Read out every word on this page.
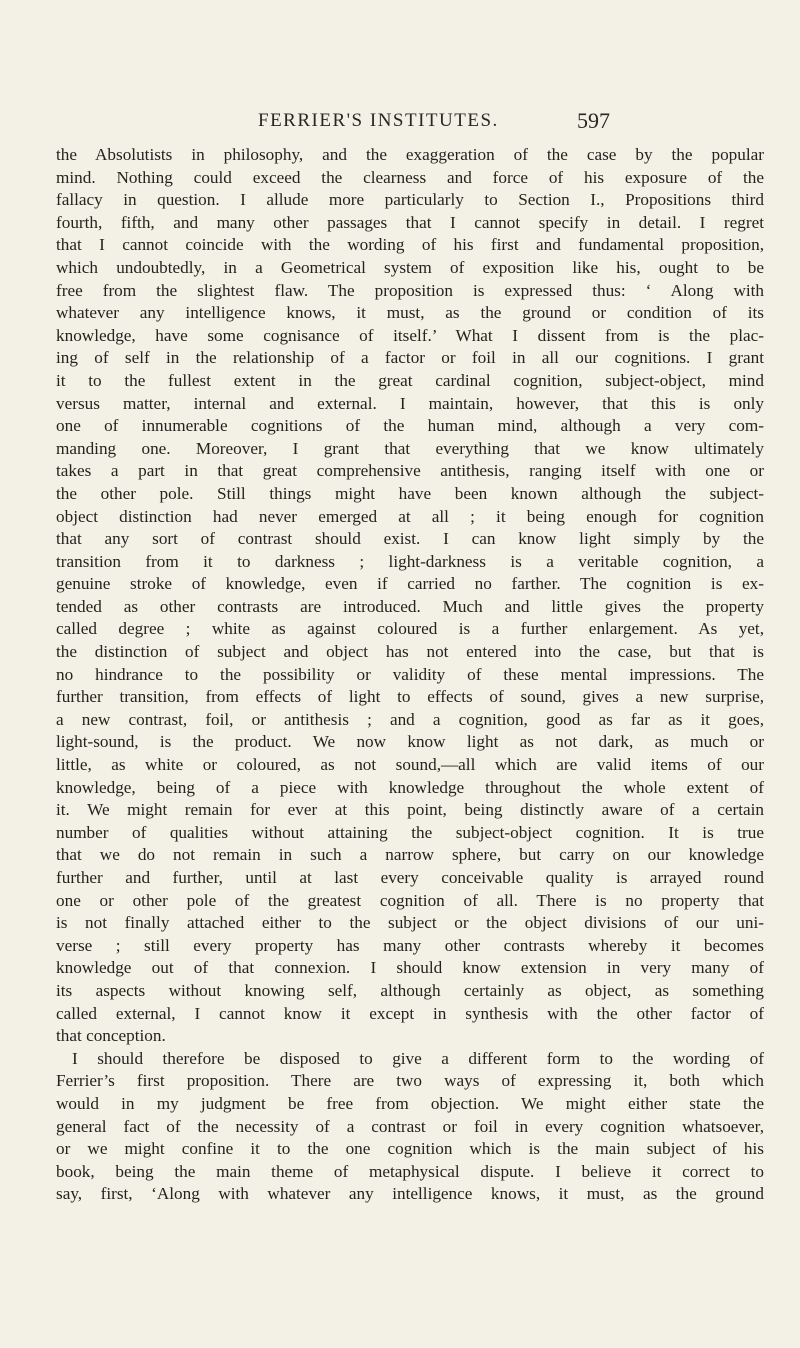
FERRIER'S INSTITUTES.	597
the Absolutists in philosophy, and the exaggeration of the case by the popular
mind. Nothing could exceed the clearness and force of his exposure of the
fallacy in question. I allude more particularly to Section I., Propositions third
fourth, fifth, and many other passages that I cannot specify in detail. I regret
that I cannot coincide with the wording of his first and fundamental proposition,
which undoubtedly, in a Geometrical system of exposition like his, ought to be
free from the slightest flaw. The proposition is expressed thus: ‘ Along with
whatever any intelligence knows, it must, as the ground or condition of its
knowledge, have some cognisance of itself.’ What I dissent from is the plac-
ing of self in the relationship of a factor or foil in all our cognitions. I grant
it to the fullest extent in the great cardinal cognition, subject-object, mind
versus matter, internal and external. I maintain, however, that this is only
one of innumerable cognitions of the human mind, although a very com-
manding one. Moreover, I grant that everything that we know ultimately
takes a part in that great comprehensive antithesis, ranging itself with one or
the other pole. Still things might have been known although the subject-
object distinction had never emerged at all ; it being enough for cognition
that any sort of contrast should exist. I can know light simply by the
transition from it to darkness ; light-darkness is a veritable cognition, a
genuine stroke of knowledge, even if carried no farther. The cognition is ex-
tended as other contrasts are introduced. Much and little gives the property
called degree ; white as against coloured is a further enlargement. As yet,
the distinction of subject and object has not entered into the case, but that is
no hindrance to the possibility or validity of these mental impressions. The
further transition, from effects of light to effects of sound, gives a new surprise,
a new contrast, foil, or antithesis ; and a cognition, good as far as it goes,
light-sound, is the product. We now know light as not dark, as much or
little, as white or coloured, as not sound,—all which are valid items of our
knowledge, being of a piece with knowledge throughout the whole extent of
it. We might remain for ever at this point, being distinctly aware of a certain
number of qualities without attaining the subject-object cognition. It is true
that we do not remain in such a narrow sphere, but carry on our knowledge
further and further, until at last every conceivable quality is arrayed round
one or other pole of the greatest cognition of all. There is no property that
is not finally attached either to the subject or the object divisions of our uni-
verse ; still every property has many other contrasts whereby it becomes
knowledge out of that connexion. I should know extension in very many of
its aspects without knowing self, although certainly as object, as something
called external, I cannot know it except in synthesis with the other factor of
that conception.
I should therefore be disposed to give a different form to the wording of
Ferrier’s first proposition. There are two ways of expressing it, both which
would in my judgment be free from objection. We might either state the
general fact of the necessity of a contrast or foil in every cognition whatsoever,
or we might confine it to the one cognition which is the main subject of his
book, being the main theme of metaphysical dispute. I believe it correct to
say, first, ‘Along with whatever any intelligence knows, it must, as the ground
